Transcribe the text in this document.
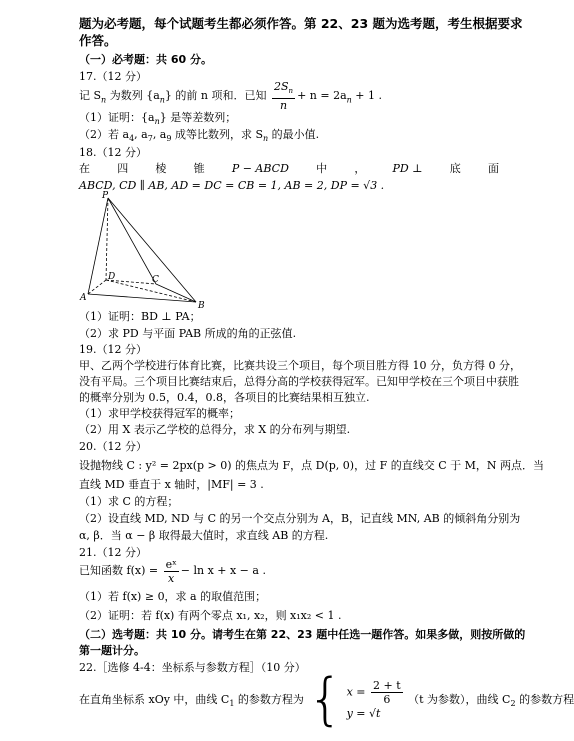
题为必考题，每个试题考生都必须作答。第 22、23 题为选考题，考生根据要求
作答。
（一）必考题：共 60 分。
17.（12 分）
记 $S_n$ 为数列 $\{a_n\}$ 的前 n 项和．已知 $\frac{2S_n}{n} + n = 2a_n + 1$ .
（1）证明：$\{a_n\}$ 是等差数列；
（2）若 $a_4$, $a_7$, $a_9$ 成等比数列，求 $S_n$ 的最小值.
18.（12 分）
在 四 棱 锥 P − ABCD 中 ， PD ⊥ 底 面
ABCD, CD ∥ AB, AD = DC = CB = 1, AB = 2, DP = √3 .
P
A
B
C
D
（1）证明：BD ⊥ PA；
（2）求 PD 与平面 PAB 所成的角的正弦值.
19.（12 分）
甲、乙两个学校进行体育比赛，比赛共设三个项目，每个项目胜方得 10 分，负方得 0 分，
没有平局。三个项目比赛结束后，总得分高的学校获得冠军。已知甲学校在三个项目中获胜
的概率分别为 0.5，0.4，0.8，各项目的比赛结果相互独立.
（1）求甲学校获得冠军的概率；
（2）用 X 表示乙学校的总得分，求 X 的分布列与期望.
20.（12 分）
设抛物线 C : y² = 2px(p > 0) 的焦点为 F，点 D(p, 0)，过 F 的直线交 C 于 M，N 两点．当
直线 MD 垂直于 x 轴时，|MF| = 3 .
（1）求 C 的方程；
（2）设直线 MD, ND 与 C 的另一个交点分别为 A，B，记直线 MN, AB 的倾斜角分别为
α, β．当 α − β 取得最大值时，求直线 AB 的方程.
21.（12 分）
已知函数 $f(x) = \frac{\text{eˣ}}{x} - \ln x + x - a$ .
（1）若 f(x) ≥ 0，求 a 的取值范围；
（2）证明：若 f(x) 有两个零点 x₁, x₂，则 x₁x₂ < 1 .
（二）选考题：共 10 分。请考生在第 22、23 题中任选一题作答。如果多做，则按所做的
第一题计分。
22.［选修 4-4：坐标系与参数方程］（10 分）
在直角坐标系 xOy 中，曲线 $C_1$ 的参数方程为 { $x = \frac{2 + t}{6}$
y = √t
（t 为参数），曲线 $C_2$ 的参数方程
